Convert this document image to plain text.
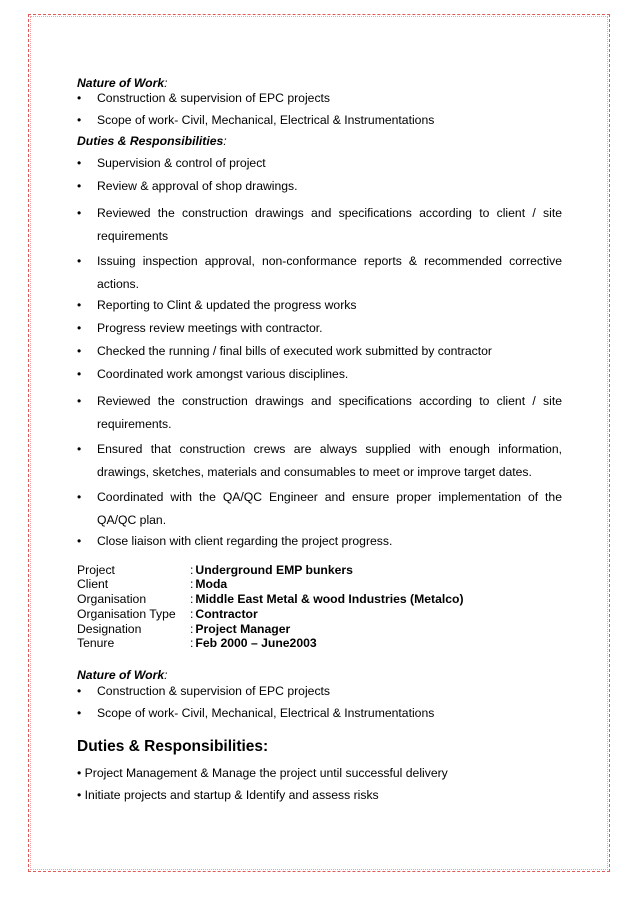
Nature of Work:
• Construction & supervision of EPC projects
• Scope of work- Civil, Mechanical, Electrical & Instrumentations
Duties & Responsibilities:
• Supervision & control of project
• Review & approval of shop drawings.
• Reviewed the construction drawings and specifications according to client / site requirements
• Issuing inspection approval, non-conformance reports & recommended corrective actions.
• Reporting to Clint & updated the progress works
• Progress review meetings with contractor.
• Checked the running / final bills of executed work submitted by contractor
• Coordinated work amongst various disciplines.
• Reviewed the construction drawings and specifications according to client / site requirements.
• Ensured that construction crews are always supplied with enough information, drawings, sketches, materials and consumables to meet or improve target dates.
• Coordinated with the QA/QC Engineer and ensure proper implementation of the QA/QC plan.
• Close liaison with client regarding the project progress.
Project	: Underground EMP bunkers
Client	: Moda
Organisation	: Middle East Metal & wood Industries (Metalco)
Organisation Type	: Contractor
Designation	: Project Manager
Tenure	: Feb 2000 – June2003
Nature of Work:
• Construction & supervision of EPC projects
• Scope of work- Civil, Mechanical, Electrical & Instrumentations
Duties & Responsibilities:
• Project Management & Manage the project until successful delivery
• Initiate projects and startup & Identify and assess risks
